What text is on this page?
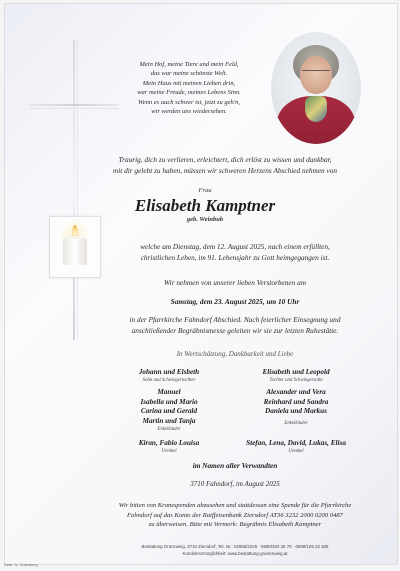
Mein Hof, meine Tiere und mein Feld,
das war meine schönste Welt.
Mein Haus mit meinen Lieben drin,
war meine Freude, meines Lebens Sinn.
Wenn es auch schwer ist, jetzt zu geh'n,
wir werden uns wiedersehen.
Traurig, dich zu verlieren, erleichtert, dich erlöst zu wissen und dankbar,
mit dir gelebt zu haben, müssen wir schweren Herzens Abschied nehmen von
Frau
Elisabeth Kamptner
geb. Weinbub
welche am Dienstag, dem 12. August 2025, nach einem erfüllten,
christlichen Leben, im 91. Lebensjahr zu Gott heimgegangen ist.
Wir nehmen von unserer lieben Verstorbenen am
Samstag, dem 23. August 2025, um 10 Uhr
in der Pfarrkirche Fahndorf Abschied. Nach feierlicher Einsegnung und
anschließender Begräbnismesse geleiten wir sie zur letzten Ruhestätte.
In Wertschätzung, Dankbarkeit und Liebe
Johann und Elsbeth
Sohn und Schwiegertochter
Elisabeth und Leopold
Tochter und Schwiegersohn
Manuel
Isabella und Mario
Carina und Gerald
Martin und Tanja
Enkelkinder
Alexander und Vera
Reinhard und Sandra
Daniela und Markus
Enkelkinder
Kiran, Fabio Louisa
Urenkel
Stefan, Lena, David, Lukas, Elisa
Urenkel
im Namen aller Verwandten
3710 Fahndorf, im August 2025
Wir bitten von Kranzspenden abzusehen und stattdessen eine Spende für die Pfarrkirche
Fahndorf auf das Konto der Raiffeisenbank Ziersdorf AT36 3232 2000 0200 0487
zu überweisen. Bitte mit Vermerk: Begräbnis Elisabeth Kamptner
Bestattung Grünzweig, 3710 Ziersdorf, Tel. Nr.: 02956/2226 · 0680/320 26 70 · 0699/125 22 485
Kondolenzmöglichkeit: www.bestattung-gruenzweig.at
Gedr. IV. Gutenberg
